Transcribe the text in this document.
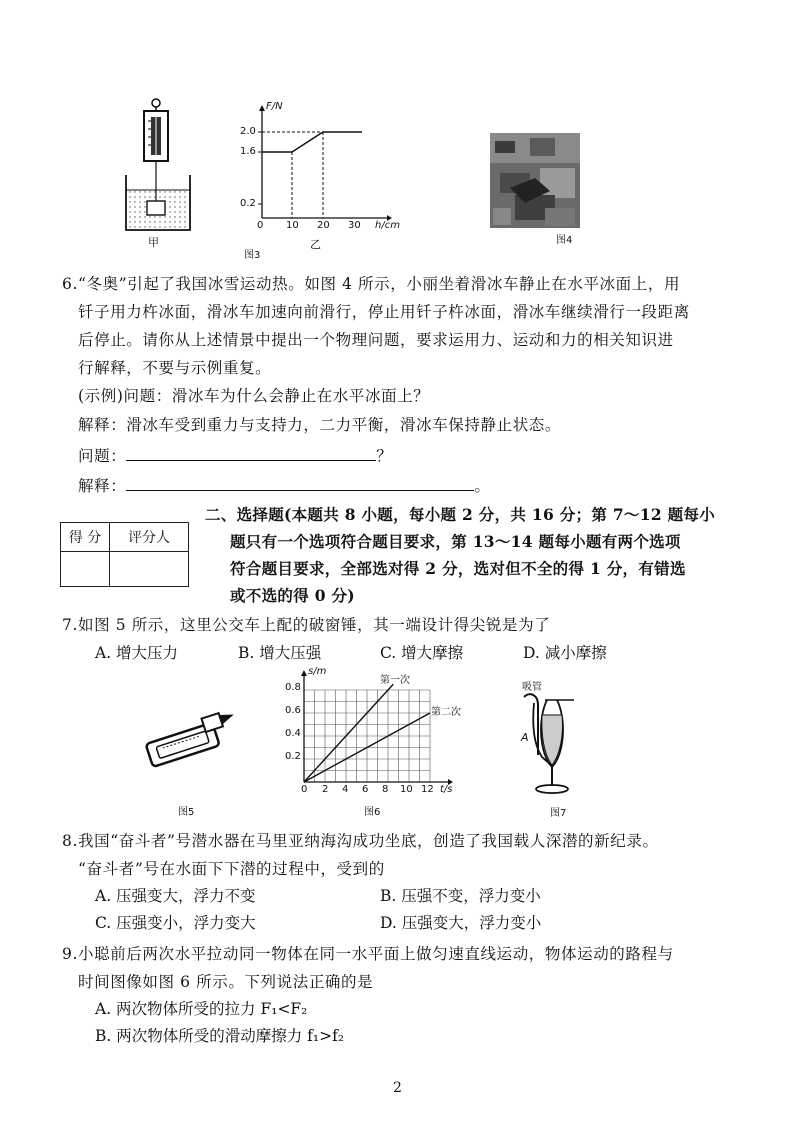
甲
F/N
2.0
1.6
0.2
0 10 20 30 h/cm
图3
乙	图4
6.“冬奥”引起了我国冰雪运动热。如图 4 所示，小丽坐着滑冰车静止在水平冰面上，用
钎子用力杵冰面，滑冰车加速向前滑行，停止用钎子杵冰面，滑冰车继续滑行一段距离
后停止。请你从上述情景中提出一个物理问题，要求运用力、运动和力的相关知识进
行解释，不要与示例重复。
(示例)问题：滑冰车为什么会静止在水平冰面上？
解释：滑冰车受到重力与支持力，二力平衡，滑冰车保持静止状态。
问题：	？
解释：	。
得 分	评分人

二、选择题(本题共 8 小题，每小题 2 分，共 16 分；第 7～12 题每小
题只有一个选项符合题目要求，第 13～14 题每小题有两个选项
符合题目要求，全部选对得 2 分，选对但不全的得 1 分，有错选
或不选的得 0 分)
7.如图 5 所示，这里公交车上配的破窗锤，其一端设计得尖锐是为了
A. 增大压力	B. 增大压强	C. 增大摩擦	D. 减小摩擦
图5
s/m
0.8
0.6
0.4
0.2
0 2 4 6 8 10 12 t/s
第一次
第二次
图6
吸管
A
图7
8.我国“奋斗者”号潜水器在马里亚纳海沟成功坐底，创造了我国载人深潜的新纪录。
“奋斗者”号在水面下下潜的过程中，受到的
A. 压强变大，浮力不变	B. 压强不变，浮力变小
C. 压强变小，浮力变大	D. 压强变大，浮力变小
9.小聪前后两次水平拉动同一物体在同一水平面上做匀速直线运动，物体运动的路程与
时间图像如图 6 所示。下列说法正确的是
A. 两次物体所受的拉力 F₁<F₂
B. 两次物体所受的滑动摩擦力 f₁>f₂
2
